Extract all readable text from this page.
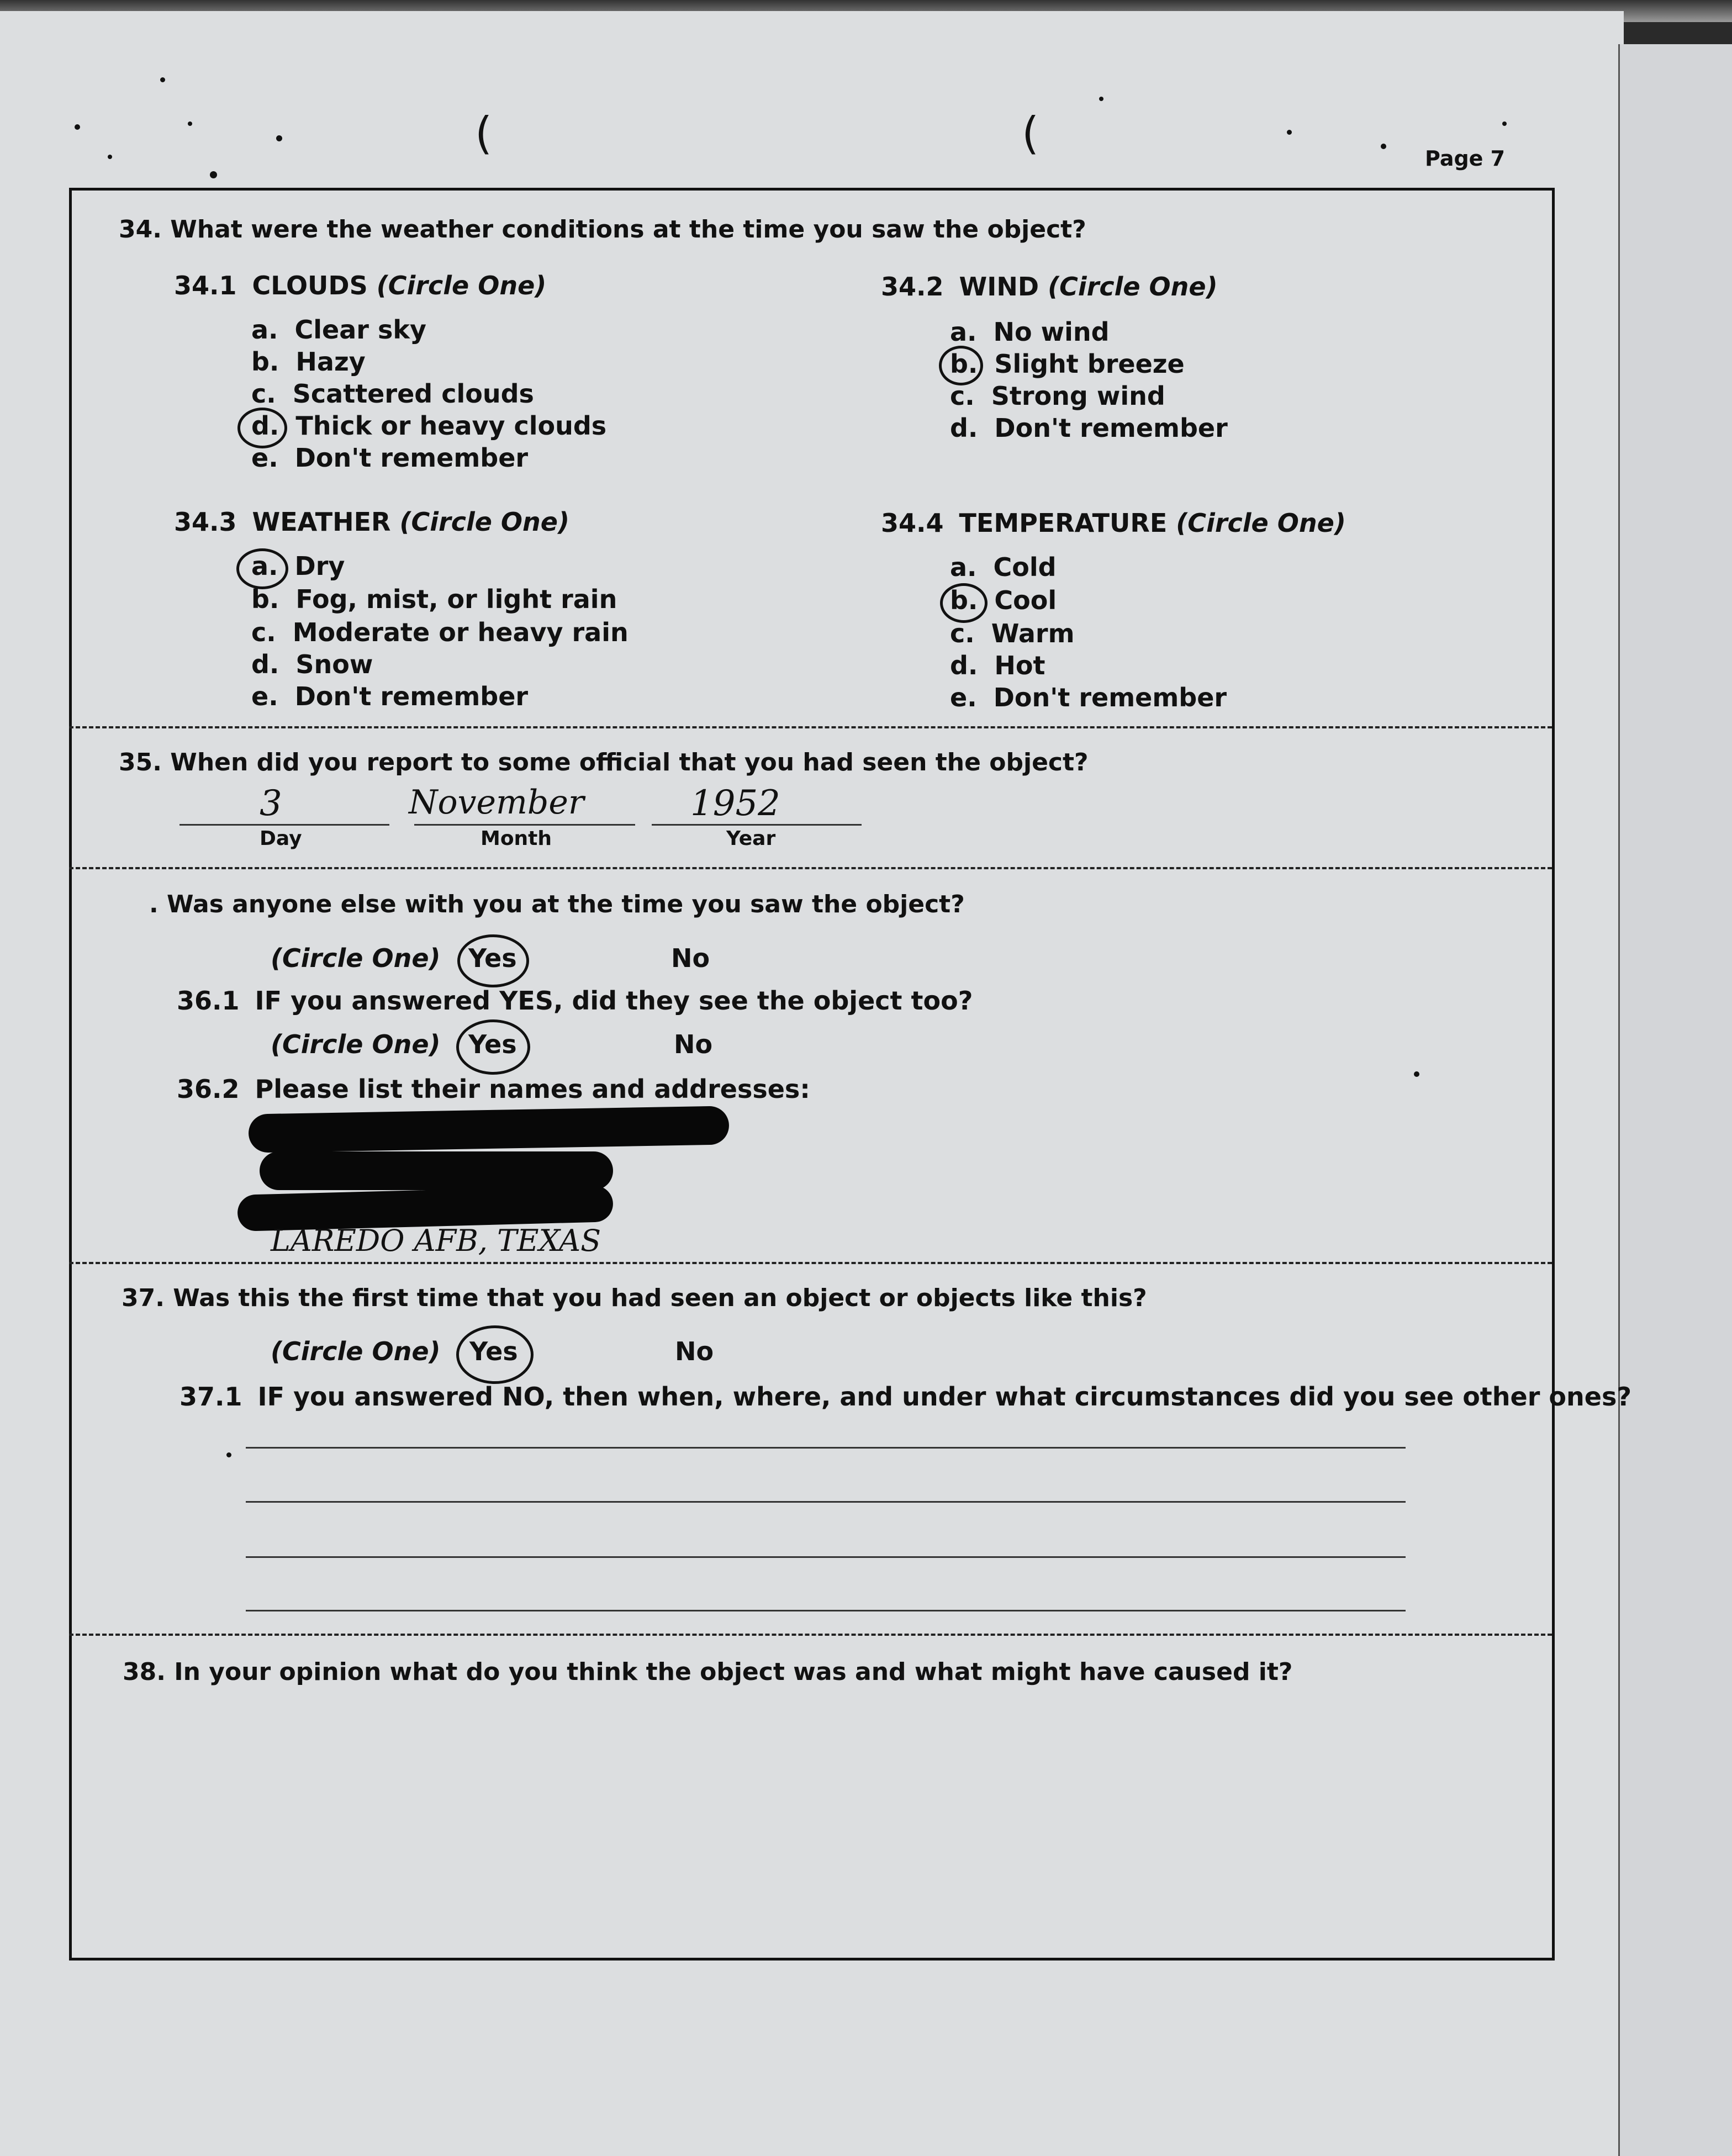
(	(	Page 7
34. What were the weather conditions at the time you saw the object?
34.1 CLOUDS (Circle One)
a. Clear sky
b. Hazy
c. Scattered clouds
d. Thick or heavy clouds
e. Don't remember
34.2 WIND (Circle One)
a. No wind
b. Slight breeze
c. Strong wind
d. Don't remember
34.3 WEATHER (Circle One)
a. Dry
b. Fog, mist, or light rain
c. Moderate or heavy rain
d. Snow
e. Don't remember
34.4 TEMPERATURE (Circle One)
a. Cold
b. Cool
c. Warm
d. Hot
e. Don't remember
35. When did you report to some official that you had seen the object?
3	November	1952
Day	Month	Year
. Was anyone else with you at the time you saw the object?
(Circle One) Yes	No
36.1 IF you answered YES, did they see the object too?
(Circle One) Yes	No
36.2 Please list their names and addresses:
LAREDO AFB, TEXAS
37. Was this the first time that you had seen an object or objects like this?
(Circle One) Yes	No
37.1 IF you answered NO, then when, where, and under what circumstances did you see other ones?
38. In your opinion what do you think the object was and what might have caused it?
